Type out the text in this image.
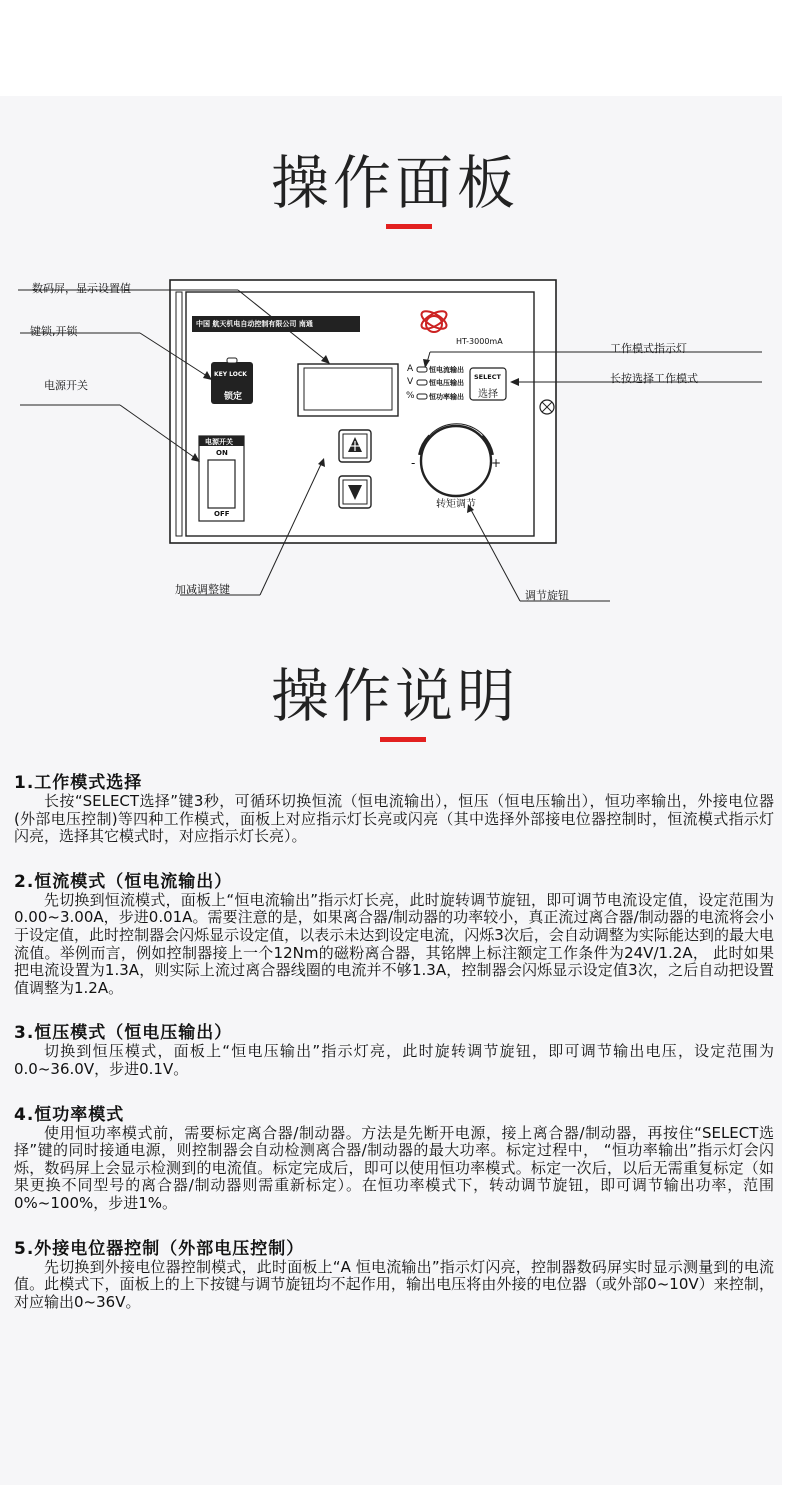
操作面板
数码屏，显示设置值
键锁,开锁
电源开关
工作模式指示灯
长按选择工作模式
加减调整键	调节旋钮
中国 航天机电自动控制有限公司 南通
HT-3000mA
KEY LOCK
锁定
电源开关
ON
OFF
A
V
%
恒电流输出
恒电压输出
恒功率输出
SELECT
选择
转矩调节
-	+
操作说明
1.工作模式选择
长按“SELECT选择”键3秒，可循环切换恒流（恒电流输出），恒压（恒电压输出），恒功率输出，外接电位器(外部电压控制)等四种工作模式，面板上对应指示灯长亮或闪亮（其中选择外部接电位器控制时，恒流模式指示灯闪亮，选择其它模式时，对应指示灯长亮）。
2.恒流模式（恒电流输出）
先切换到恒流模式，面板上“恒电流输出”指示灯长亮，此时旋转调节旋钮，即可调节电流设定值，设定范围为0.00~3.00A，步进0.01A。需要注意的是，如果离合器/制动器的功率较小，真正流过离合器/制动器的电流将会小于设定值，此时控制器会闪烁显示设定值，以表示未达到设定电流，闪烁3次后，会自动调整为实际能达到的最大电流值。举例而言，例如控制器接上一个12Nm的磁粉离合器，其铭牌上标注额定工作条件为24V/1.2A， 此时如果把电流设置为1.3A，则实际上流过离合器线圈的电流并不够1.3A，控制器会闪烁显示设定值3次，之后自动把设置值调整为1.2A。
3.恒压模式（恒电压输出）
切换到恒压模式，面板上“恒电压输出”指示灯亮，此时旋转调节旋钮，即可调节输出电压，设定范围为0.0~36.0V，步进0.1V。
4.恒功率模式
使用恒功率模式前，需要标定离合器/制动器。方法是先断开电源，接上离合器/制动器，再按住“SELECT选择”键的同时接通电源，则控制器会自动检测离合器/制动器的最大功率。标定过程中， “恒功率输出”指示灯会闪烁，数码屏上会显示检测到的电流值。标定完成后，即可以使用恒功率模式。标定一次后，以后无需重复标定（如果更换不同型号的离合器/制动器则需重新标定）。在恒功率模式下，转动调节旋钮，即可调节输出功率，范围0%~100%，步进1%。
5.外接电位器控制（外部电压控制）
先切换到外接电位器控制模式，此时面板上“A 恒电流输出”指示灯闪亮，控制器数码屏实时显示测量到的电流值。此模式下，面板上的上下按键与调节旋钮均不起作用，输出电压将由外接的电位器（或外部0~10V）来控制，对应输出0~36V。
